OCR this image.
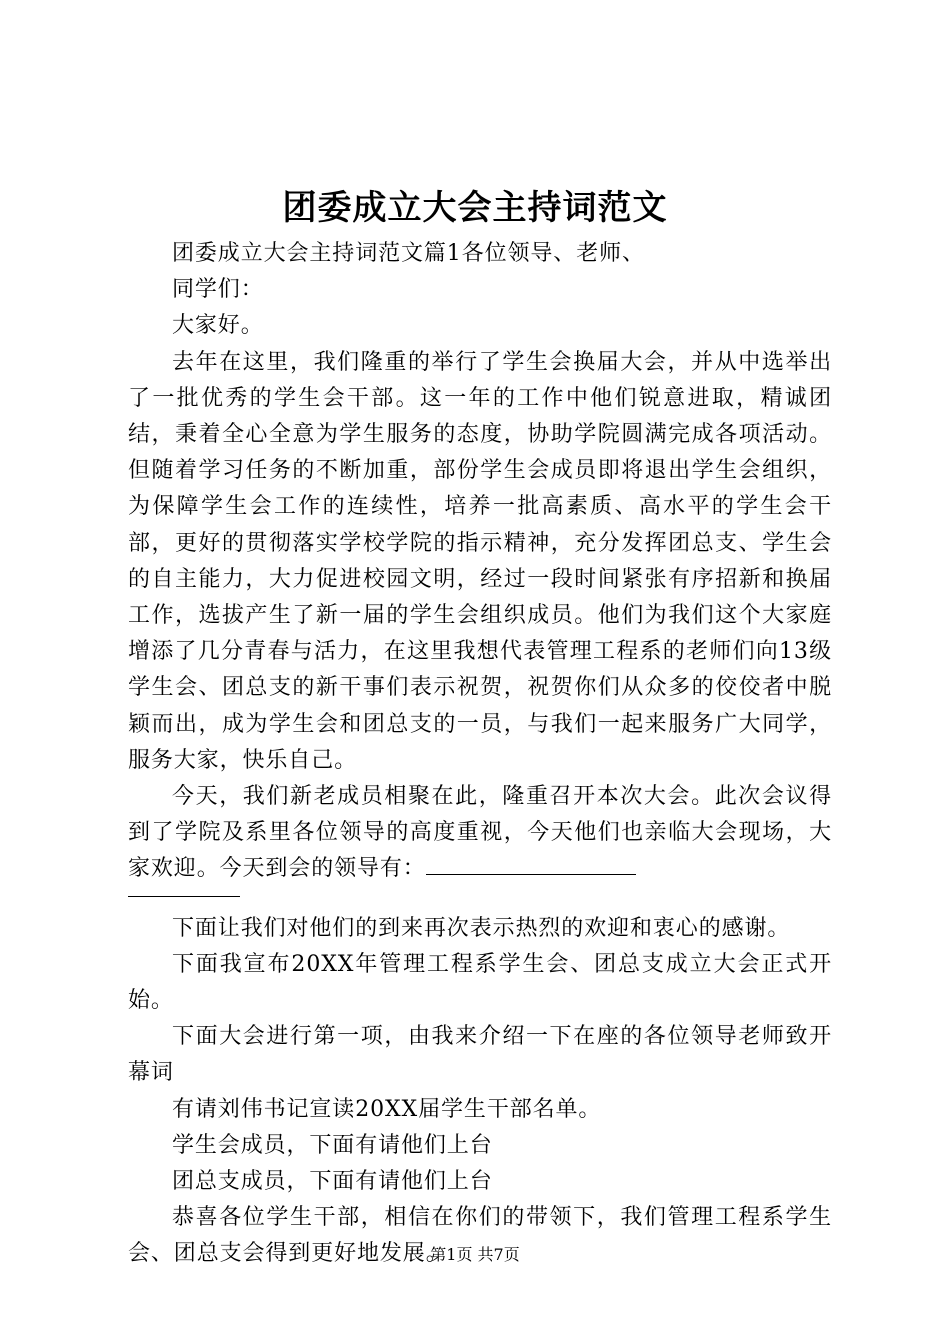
团委成立大会主持词范文

团委成立大会主持词范文篇1各位领导、老师、

同学们：

大家好。

去年在这里，我们隆重的举行了学生会换届大会，并从中选举出了一批优秀的学生会干部。这一年的工作中他们锐意进取，精诚团结，秉着全心全意为学生服务的态度，协助学院圆满完成各项活动。但随着学习任务的不断加重，部份学生会成员即将退出学生会组织，为保障学生会工作的连续性，培养一批高素质、高水平的学生会干部，更好的贯彻落实学校学院的指示精神，充分发挥团总支、学生会的自主能力，大力促进校园文明，经过一段时间紧张有序招新和换届工作，选拔产生了新一届的学生会组织成员。他们为我们这个大家庭增添了几分青春与活力，在这里我想代表管理工程系的老师们向13级学生会、团总支的新干事们表示祝贺，祝贺你们从众多的佼佼者中脱颖而出，成为学生会和团总支的一员，与我们一起来服务广大同学，服务大家，快乐自己。

今天，我们新老成员相聚在此，隆重召开本次大会。此次会议得到了学院及系里各位领导的高度重视，今天他们也亲临大会现场，大家欢迎。今天到会的领导有：

下面让我们对他们的到来再次表示热烈的欢迎和衷心的感谢。

下面我宣布20XX年管理工程系学生会、团总支成立大会正式开始。

下面大会进行第一项，由我来介绍一下在座的各位领导老师致开幕词

有请刘伟书记宣读20XX届学生干部名单。

学生会成员，下面有请他们上台

团总支成员，下面有请他们上台

恭喜各位学生干部，相信在你们的带领下，我们管理工程系学生会、团总支会得到更好地发展。

第1页 共7页
